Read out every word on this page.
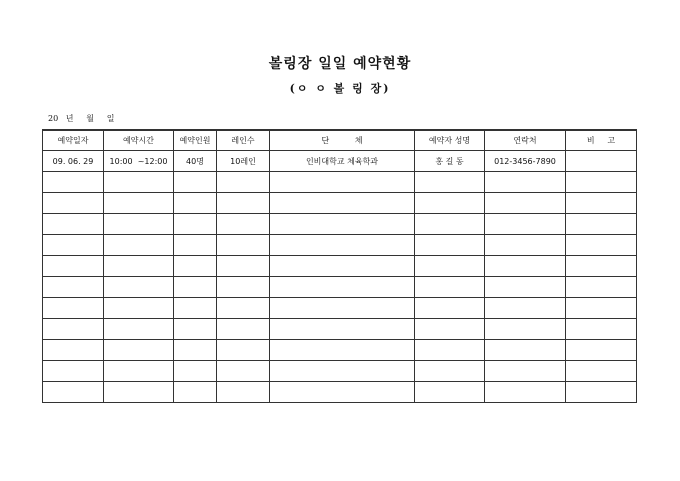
볼링장 일일 예약현황
(ㅇ ㅇ 볼 링 장)
20   년     월     일
예약일자	예약시간	예약인원	레인수	단          체	예약자 성명	연락처	비     고
09. 06. 29	10:00  ~12:00	40명	10레인	인비대학교 체육학과	홍 길 동	012-3456-7890	
